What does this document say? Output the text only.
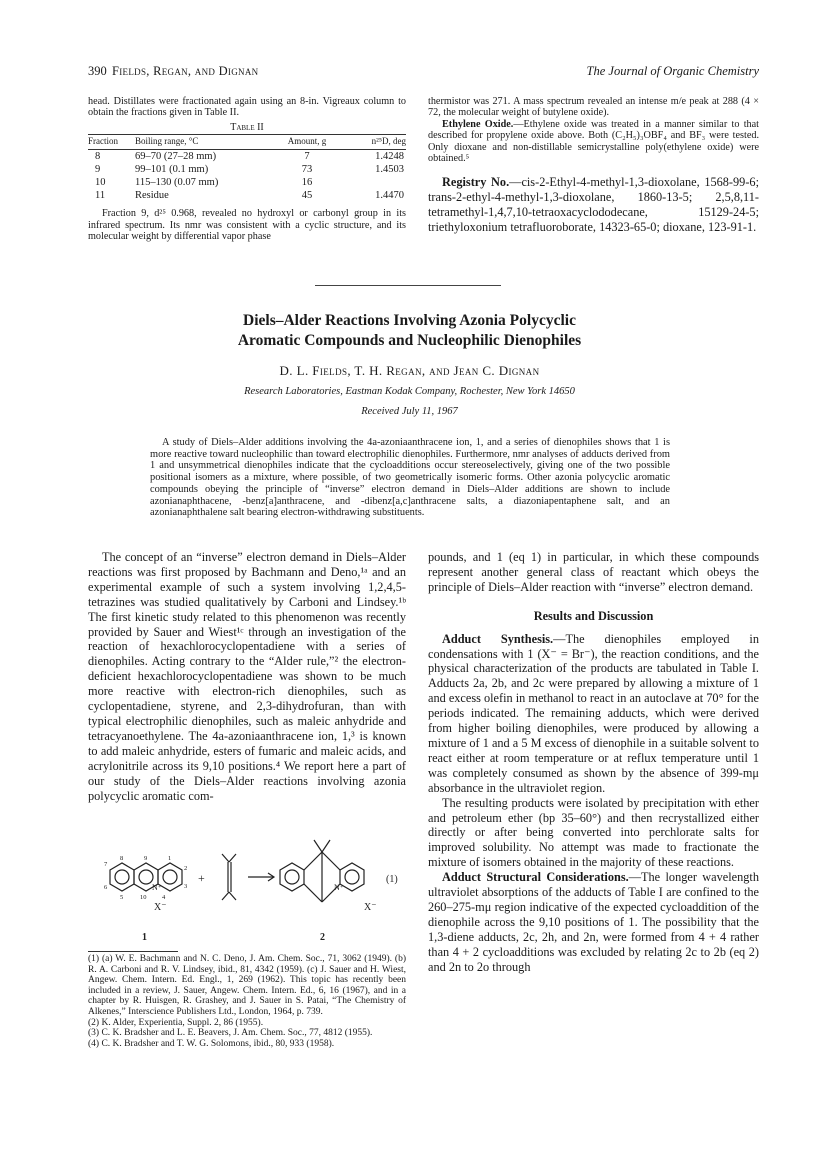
390 Fields, Regan, and Dignan	The Journal of Organic Chemistry

head. Distillates were fractionated again using an 8-in. Vigreaux column to obtain the fractions given in Table II.

Table II
Fraction	Boiling range, °C	Amount, g	n²⁵D, deg
8	69–70 (27–28 mm)	7	1.4248
9	99–101 (0.1 mm)	73	1.4503
10	115–130 (0.07 mm)	16	
11	Residue	45	1.4470

Fraction 9, d²⁵ 0.968, revealed no hydroxyl or carbonyl group in its infrared spectrum. Its nmr was consistent with a cyclic structure, and its molecular weight by differential vapor phase

thermistor was 271. A mass spectrum revealed an intense m/e peak at 288 (4 × 72, the molecular weight of butylene oxide).

Ethylene Oxide.—Ethylene oxide was treated in a manner similar to that described for propylene oxide above. Both (C₂H₅)₃OBF₄ and BF₃ were tested. Only dioxane and non-distillable semicrystalline poly(ethylene oxide) were obtained.⁵

Registry No.—cis-2-Ethyl-4-methyl-1,3-dioxolane, 1568-99-6; trans-2-ethyl-4-methyl-1,3-dioxolane, 1860-13-5; 2,5,8,11-tetramethyl-1,4,7,10-tetraoxacyclododecane, 15129-24-5; triethyloxonium tetrafluoroborate, 14323-65-0; dioxane, 123-91-1.

Diels–Alder Reactions Involving Azonia Polycyclic
Aromatic Compounds and Nucleophilic Dienophiles
D. L. Fields, T. H. Regan, and Jean C. Dignan
Research Laboratories, Eastman Kodak Company, Rochester, New York 14650
Received July 11, 1967

A study of Diels–Alder additions involving the 4a-azoniaanthracene ion, 1, and a series of dienophiles shows that 1 is more reactive toward nucleophilic than toward electrophilic dienophiles. Furthermore, nmr analyses of adducts derived from 1 and unsymmetrical dienophiles indicate that the cycloadditions occur stereoselectively, giving one of the two possible positional isomers as a mixture, where possible, of two geometrically isomeric forms. Other azonia polycyclic aromatic compounds obeying the principle of “inverse” electron demand in Diels–Alder additions are shown to include azonianaphthacene, -benz[a]anthracene, and -dibenz[a,c]anthracene salts, a diazoniapentaphene salt, and an azonianaphthalene salt bearing electron-withdrawing substituents.

The concept of an “inverse” electron demand in Diels–Alder reactions was first proposed by Bachmann and Deno,¹ᵃ and an experimental example of such a system involving 1,2,4,5-tetrazines was studied qualitatively by Carboni and Lindsey.¹ᵇ The first kinetic study related to this phenomenon was recently provided by Sauer and Wiest¹ᶜ through an investigation of the reaction of hexachlorocyclopentadiene with a series of dienophiles. Acting contrary to the “Alder rule,”² the electron-deficient hexachlorocyclopentadiene was shown to be much more reactive with electron-rich dienophiles, such as cyclopentadiene, styrene, and 2,3-dihydrofuran, than with typical electrophilic dienophiles, such as maleic anhydride and tetracyanoethylene. The 4a-azoniaanthracene ion, 1,³ is known to add maleic anhydride, esters of fumaric and maleic acids, and acrylonitrile across its 9,10 positions.⁴ We report here a part of our study of the Diels–Alder reactions involving azonia polycyclic aromatic com-

7
8	9	1
2
6
5	10 4
3
N⁺
X⁻
+
N⁺
X⁻
(1)
1	2

(1) (a) W. E. Bachmann and N. C. Deno, J. Am. Chem. Soc., 71, 3062 (1949). (b) R. A. Carboni and R. V. Lindsey, ibid., 81, 4342 (1959). (c) J. Sauer and H. Wiest, Angew. Chem. Intern. Ed. Engl., 1, 269 (1962). This topic has recently been included in a review, J. Sauer, Angew. Chem. Intern. Ed., 6, 16 (1967), and in a chapter by R. Huisgen, R. Grashey, and J. Sauer in S. Patai, “The Chemistry of Alkenes,” Interscience Publishers Ltd., London, 1964, p. 739.

(2) K. Alder, Experientia, Suppl. 2, 86 (1955).

(3) C. K. Bradsher and L. E. Beavers, J. Am. Chem. Soc., 77, 4812 (1955).

(4) C. K. Bradsher and T. W. G. Solomons, ibid., 80, 933 (1958).

pounds, and 1 (eq 1) in particular, in which these compounds represent another general class of reactant which obeys the principle of Diels–Alder reaction with “inverse” electron demand.

Results and Discussion

Adduct Synthesis.—The dienophiles employed in condensations with 1 (X⁻ = Br⁻), the reaction conditions, and the physical characterization of the products are tabulated in Table I. Adducts 2a, 2b, and 2c were prepared by allowing a mixture of 1 and excess olefin in methanol to react in an autoclave at 70° for the periods indicated. The remaining adducts, which were derived from higher boiling dienophiles, were produced by allowing a mixture of 1 and a 5 M excess of dienophile in a suitable solvent to react either at room temperature or at reflux temperature until 1 was completely consumed as shown by the absence of 399-mμ absorbance in the ultraviolet region.

The resulting products were isolated by precipitation with ether and petroleum ether (bp 35–60°) and then recrystallized either directly or after being converted into perchlorate salts for improved solubility. No attempt was made to fractionate the mixture of isomers obtained in the majority of these reactions.

Adduct Structural Considerations.—The longer wavelength ultraviolet absorptions of the adducts of Table I are confined to the 260–275-mμ region indicative of the expected cycloaddition of the dienophile across the 9,10 positions of 1. The possibility that the 1,3-diene adducts, 2c, 2h, and 2n, were formed from 4 + 4 rather than 4 + 2 cycloadditions was excluded by relating 2c to 2b (eq 2) and 2n to 2o through
